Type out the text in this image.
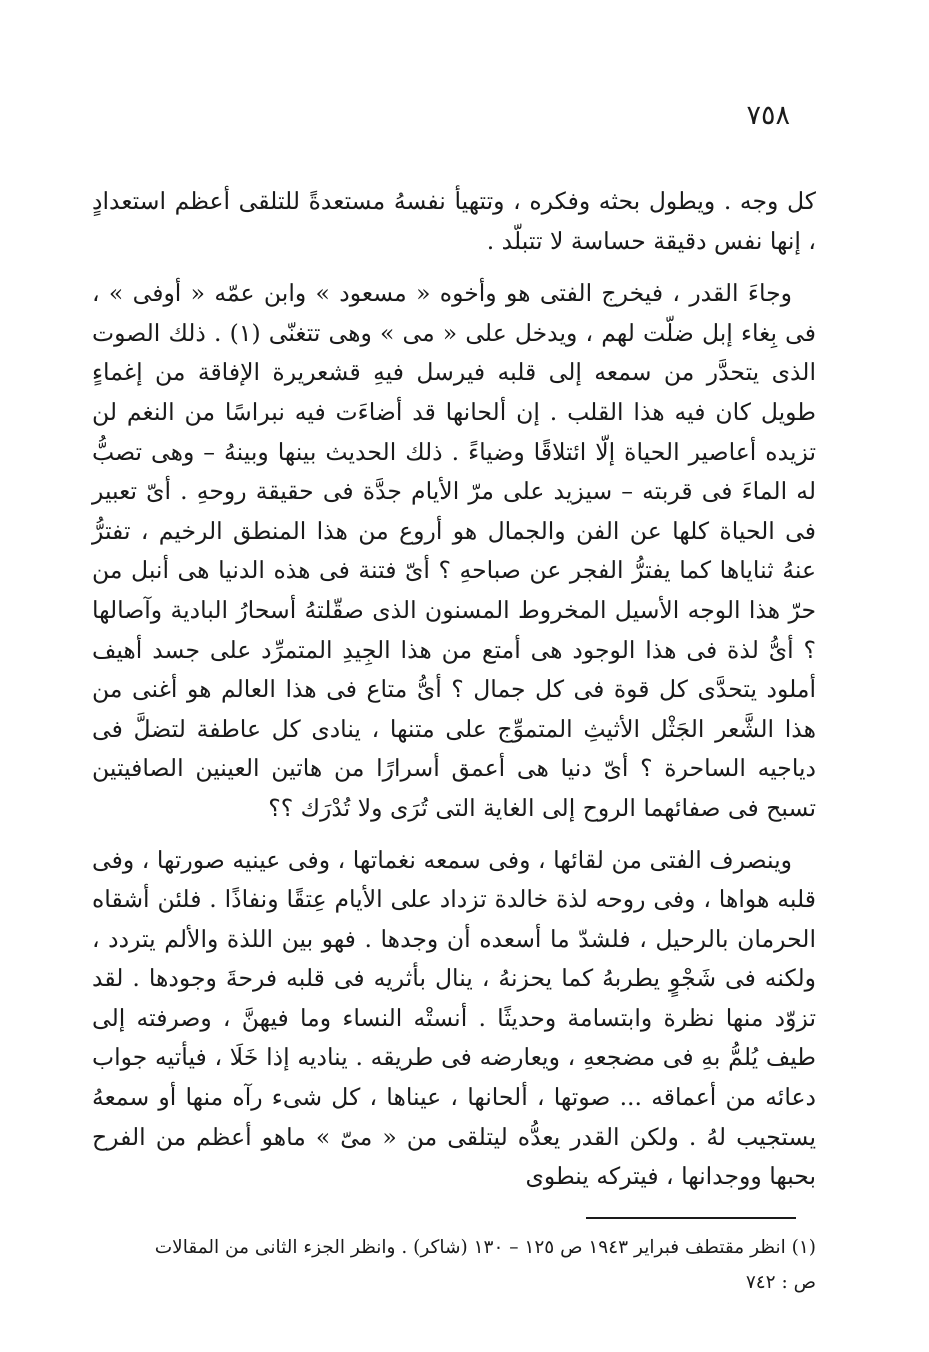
٧٥٨

كل وجه . ويطول بحثه وفكره ، وتتهيأ نفسهُ مستعدةً للتلقى أعظم استعدادٍ ، إنها نفس دقيقة حساسة لا تتبلّد .

وجاءَ القدر ، فيخرج الفتى هو وأخوه « مسعود » وابن عمّه « أوفى » ، فى بِغاء إبل ضلّت لهم ، ويدخل على « مى » وهى تتغنّى (١) . ذلك الصوت الذى يتحدَّر من سمعه إلى قلبه فيرسل فيهِ قشعريرة الإفاقة من إغماءٍ طويل كان فيه هذا القلب . إن ألحانها قد أضاءَت فيه نبراسًا من النغم لن تزيده أعاصير الحياة إلّا ائتلاقًا وضياءً . ذلك الحديث بينها وبينهُ – وهى تصبُّ له الماءَ فى قربته – سيزيد على مرّ الأيام جدَّة فى حقيقة روحهِ . أىّ تعبير فى الحياة كلها عن الفن والجمال هو أروع من هذا المنطق الرخيم ، تفترُّ عنهُ ثناياها كما يفترُّ الفجر عن صباحهِ ؟ أىّ فتنة فى هذه الدنيا هى أنبل من حرّ هذا الوجه الأسيل المخروط المسنون الذى صقّلتهُ أسحارُ البادية وآصالها ؟ أىُّ لذة فى هذا الوجود هى أمتع من هذا الجِيدِ المتمرِّد على جسد أهيف أملود يتحدَّى كل قوة فى كل جمال ؟ أىُّ متاع فى هذا العالم هو أغنى من هذا الشَّعر الجَثْل الأثيثِ المتموِّج على متنها ، ينادى كل عاطفة لتضلَّ فى دياجيه الساحرة ؟ أىّ دنيا هى أعمق أسرارًا من هاتين العينين الصافيتين تسبح فى صفائهما الروح إلى الغاية التى تُرَى ولا تُدْرَك ؟؟

وينصرف الفتى من لقائها ، وفى سمعه نغماتها ، وفى عينيه صورتها ، وفى قلبه هواها ، وفى روحه لذة خالدة تزداد على الأيام عِتقًا ونفاذًا . فلئن أشقاه الحرمان بالرحيل ، فلشدّ ما أسعده أن وجدها . فهو بين اللذة والألم يتردد ، ولكنه فى شَجْوٍ يطربهُ كما يحزنهُ ، ينال بأثريه فى قلبه فرحةَ وجودها . لقد تزوّد منها نظرة وابتسامة وحديثًا . أنستْه النساء وما فيهنَّ ، وصرفته إلى طيف يُلمُّ بهِ فى مضجعهِ ، ويعارضه فى طريقه . يناديه إذا خَلَا ، فيأتيه جواب دعائه من أعماقه ... صوتها ، ألحانها ، عيناها ، كل شىء رآه منها أو سمعهُ يستجيب لهُ . ولكن القدر يعدُّه ليتلقى من « مىّ » ماهو أعظم من الفرح بحبها ووجدانها ، فيتركه ينطوى

(١) انظر مقتطف فبراير ١٩٤٣ ص ١٢٥ – ١٣٠ (شاكر) . وانظر الجزء الثانى من المقالات

ص : ٧٤٢
